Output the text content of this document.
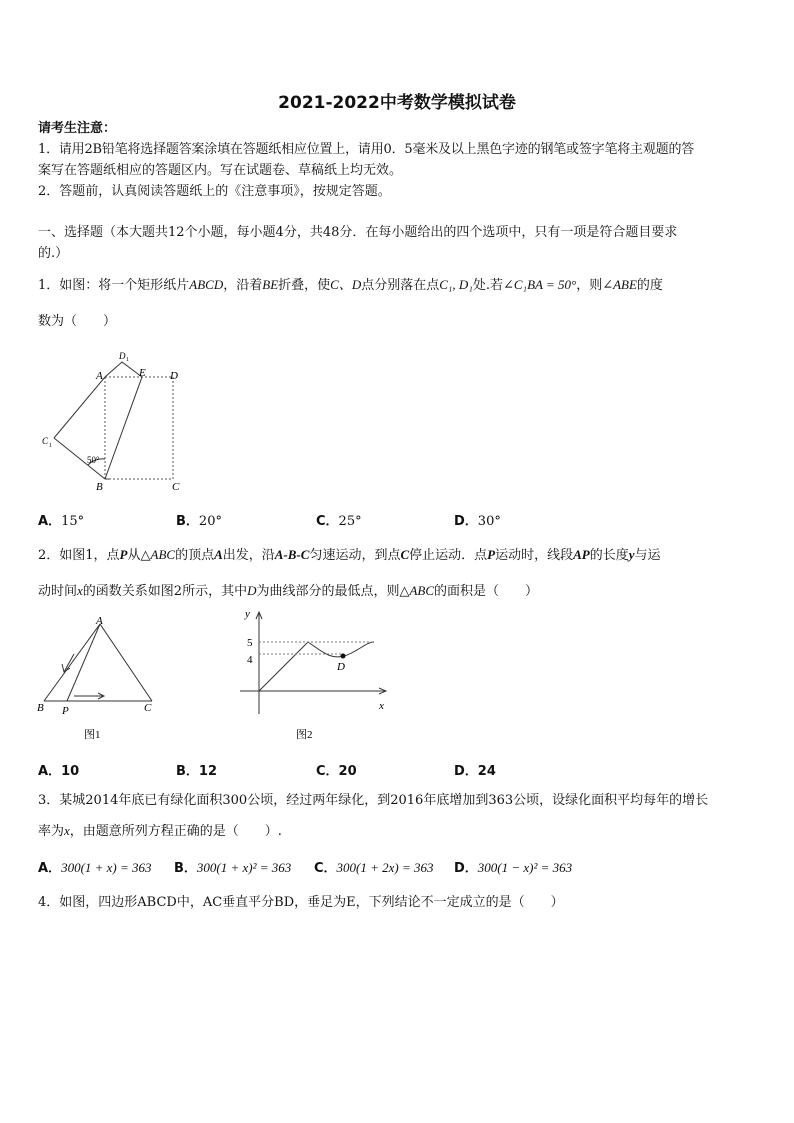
2021-2022中考数学模拟试卷
请考生注意：
1．请用2B铅笔将选择题答案涂填在答题纸相应位置上，请用0．5毫米及以上黑色字迹的钢笔或签字笔将主观题的答
案写在答题纸相应的答题区内。写在试题卷、草稿纸上均无效。
2．答题前，认真阅读答题纸上的《注意事项》，按规定答题。
一、选择题（本大题共12个小题，每小题4分，共48分．在每小题给出的四个选项中，只有一项是符合题目要求
的.）
1．如图：将一个矩形纸片ABCD，沿着BE折叠，使C、D点分别落在点C₁, D₁处.若∠C₁BA = 50°，则∠ABE的度
数为（　　）
A	E D
D 1
C 1
50°
B	C
A．15°	B．20°	C．25°	D．30°
2．如图1，点P从△ABC的顶点A出发，沿A-B-C匀速运动，到点C停止运动．点P运动时，线段AP的长度y与运
动时间x的函数关系如图2所示，其中D为曲线部分的最低点，则△ABC的面积是（　　）
A
B P	C
图1
y
5
4
D
x
图2
A．10	B．12	C．20	D．24
3．某城2014年底已有绿化面积300公顷，经过两年绿化，到2016年底增加到363公顷，设绿化面积平均每年的增长
率为x，由题意所列方程正确的是（　　）.
A．300(1 + x) = 363 B．300(1 + x)² = 363 C．300(1 + 2x) = 363 D．300(1 − x)² = 363
4．如图，四边形ABCD中，AC垂直平分BD，垂足为E，下列结论不一定成立的是（　　）
